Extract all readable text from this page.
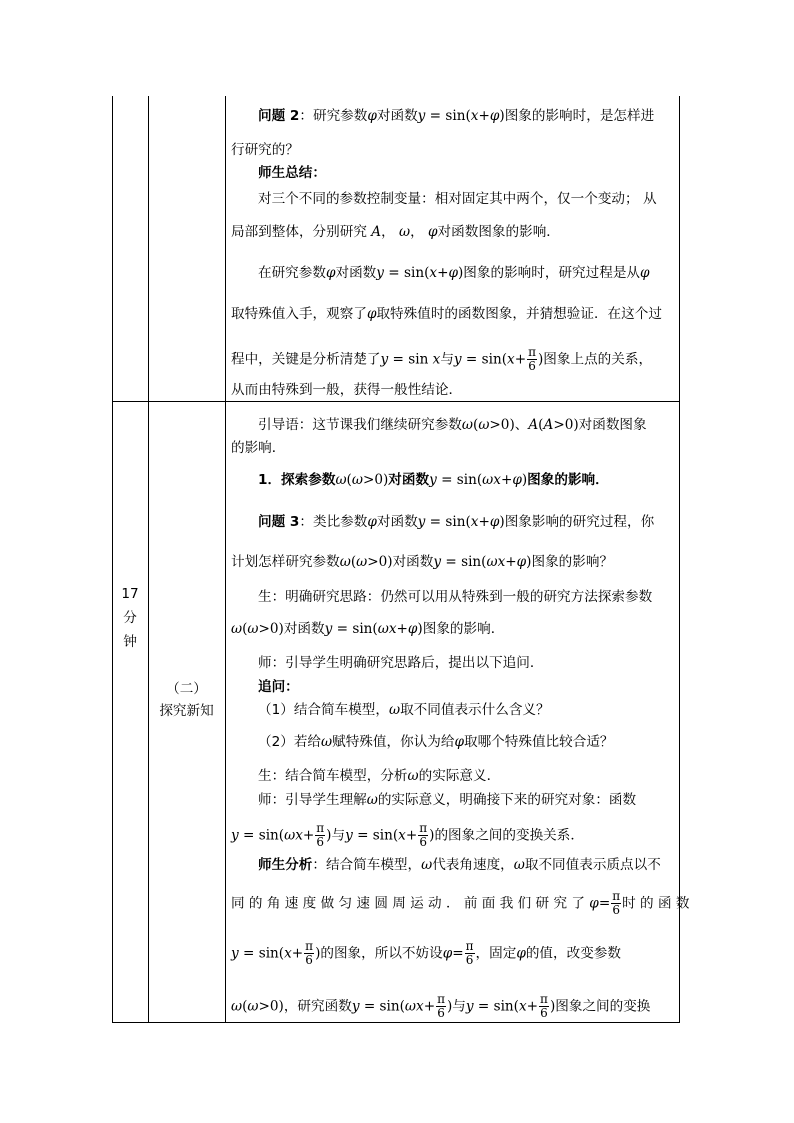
17
分
钟
（二）
探究新知
问题 2：研究参数φ对函数y = sin(x+φ)图象的影响时，是怎样进
行研究的？
师生总结：
对三个不同的参数控制变量：相对固定其中两个，仅一个变动； 从
局部到整体，分别研究 A， ω， φ对函数图象的影响．
在研究参数φ对函数y = sin(x+φ)图象的影响时，研究过程是从φ
取特殊值入手，观察了φ取特殊值时的函数图象，并猜想验证．在这个过
程中，关键是分析清楚了y = sin x与$y = \sin(x+ \frac{\pi}{6}$ )图象上点的关系，
从而由特殊到一般，获得一般性结论．
引导语：这节课我们继续研究参数ω(ω>0)、A(A>0)对函数图象
的影响．
1．探索参数ω(ω>0)对函数y = sin(ωx+φ)图象的影响．
问题 3：类比参数φ对函数y = sin(x+φ)图象影响的研究过程，你
计划怎样研究参数ω(ω>0)对函数y = sin(ωx+φ)图象的影响？
生：明确研究思路：仍然可以用从特殊到一般的研究方法探索参数
ω(ω>0)对函数y = sin(ωx+φ)图象的影响．
师：引导学生明确研究思路后，提出以下追问．
追问：
（1）结合简车模型，ω取不同值表示什么含义？
（2）若给ω赋特殊值，你认为给φ取哪个特殊值比较合适？
生：结合简车模型，分析ω的实际意义．
师：引导学生理解ω的实际意义，明确接下来的研究对象：函数
$y = \sin(\omega x+ \frac{\pi}{6}$ )与$y = \sin(x+ \frac{\pi}{6}$ )的图象之间的变换关系．
师生分析：结合简车模型，ω代表角速度，ω取不同值表示质点以不
同 的 角 速 度 做 匀 速 圆 周 运 动 ． 前 面 我 们 研 究 了 $\varphi= \frac{\pi}{6}$ 时 的 函 数
$y = \sin(x+ \frac{\pi}{6}$ )的图象，所以不妨设$\varphi= \frac{\pi}{6}$ ，固定φ的值，改变参数
ω(ω>0)，研究函数$y = \sin(\omega x+ \frac{\pi}{6}$ )与$y = \sin(x+ \frac{\pi}{6}$ )图象之间的变换
